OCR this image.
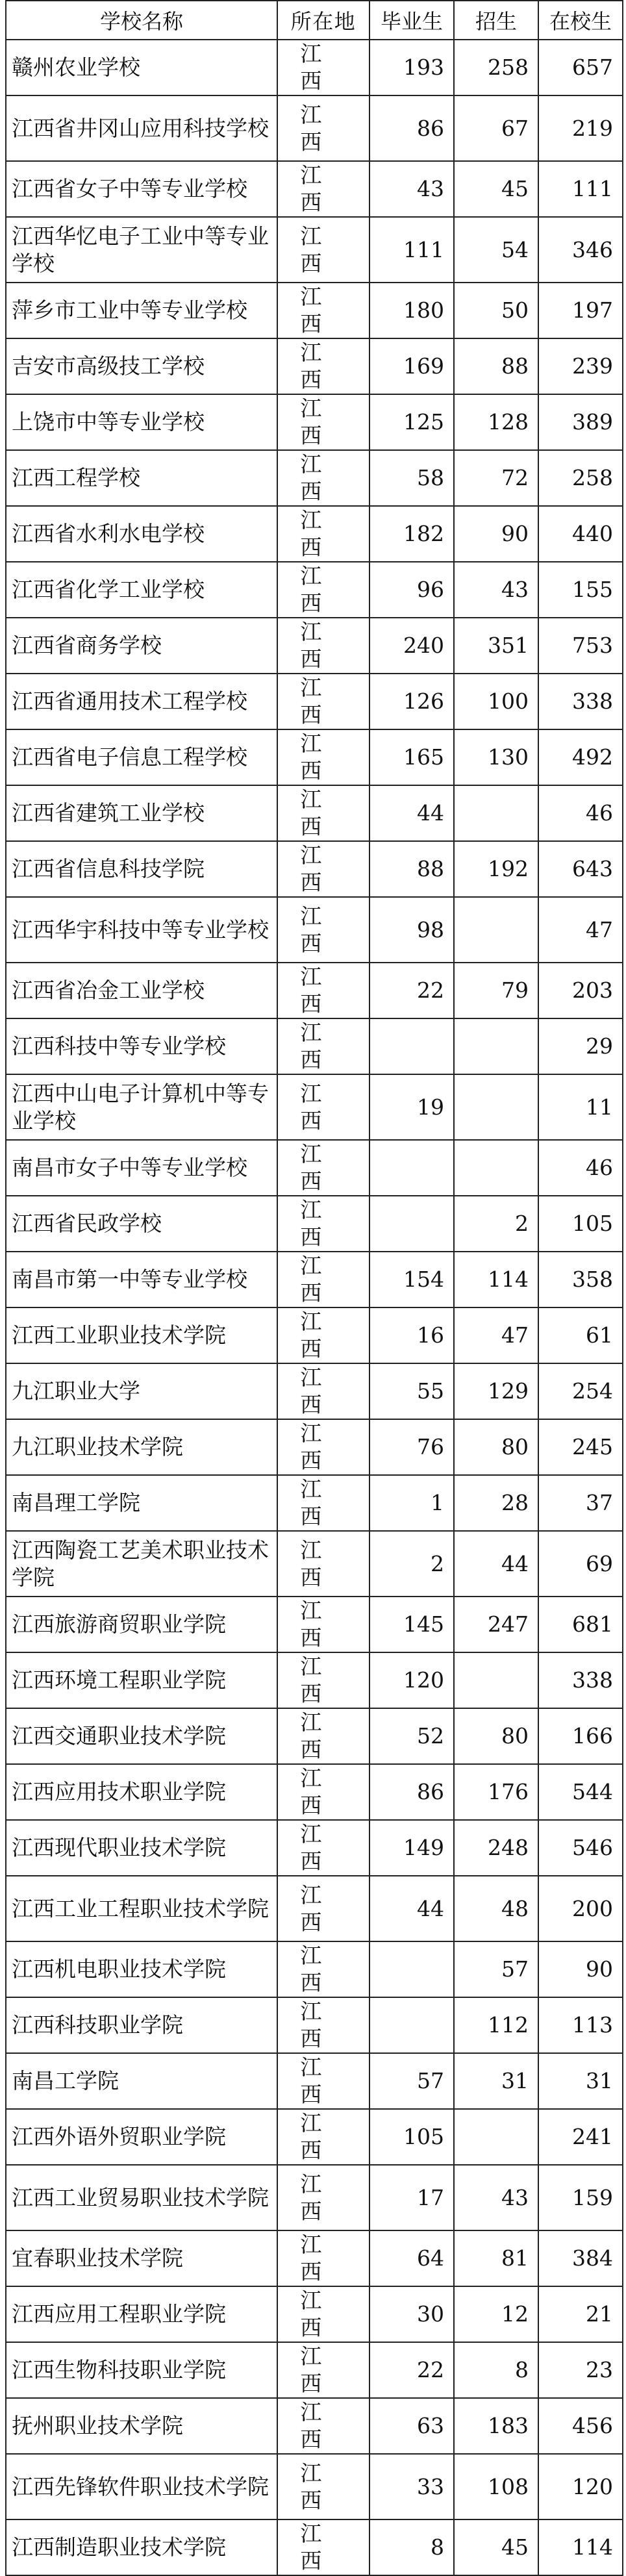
学校名称	所在地	毕业生	招生	在校生
赣州农业学校	江西	193	258	657
江西省井冈山应用科技学校	江西	86	67	219
江西省女子中等专业学校	江西	43	45	111
江西华忆电子工业中等专业学校	江西	111	54	346
萍乡市工业中等专业学校	江西	180	50	197
吉安市高级技工学校	江西	169	88	239
上饶市中等专业学校	江西	125	128	389
江西工程学校	江西	58	72	258
江西省水利水电学校	江西	182	90	440
江西省化学工业学校	江西	96	43	155
江西省商务学校	江西	240	351	753
江西省通用技术工程学校	江西	126	100	338
江西省电子信息工程学校	江西	165	130	492
江西省建筑工业学校	江西	44		46
江西省信息科技学院	江西	88	192	643
江西华宇科技中等专业学校	江西	98		47
江西省冶金工业学校	江西	22	79	203
江西科技中等专业学校	江西			29
江西中山电子计算机中等专业学校	江西	19		11
南昌市女子中等专业学校	江西			46
江西省民政学校	江西		2	105
南昌市第一中等专业学校	江西	154	114	358
江西工业职业技术学院	江西	16	47	61
九江职业大学	江西	55	129	254
九江职业技术学院	江西	76	80	245
南昌理工学院	江西	1	28	37
江西陶瓷工艺美术职业技术学院	江西	2	44	69
江西旅游商贸职业学院	江西	145	247	681
江西环境工程职业学院	江西	120		338
江西交通职业技术学院	江西	52	80	166
江西应用技术职业学院	江西	86	176	544
江西现代职业技术学院	江西	149	248	546
江西工业工程职业技术学院	江西	44	48	200
江西机电职业技术学院	江西		57	90
江西科技职业学院	江西		112	113
南昌工学院	江西	57	31	31
江西外语外贸职业学院	江西	105		241
江西工业贸易职业技术学院	江西	17	43	159
宜春职业技术学院	江西	64	81	384
江西应用工程职业学院	江西	30	12	21
江西生物科技职业学院	江西	22	8	23
抚州职业技术学院	江西	63	183	456
江西先锋软件职业技术学院	江西	33	108	120
江西制造职业技术学院	江西	8	45	114
